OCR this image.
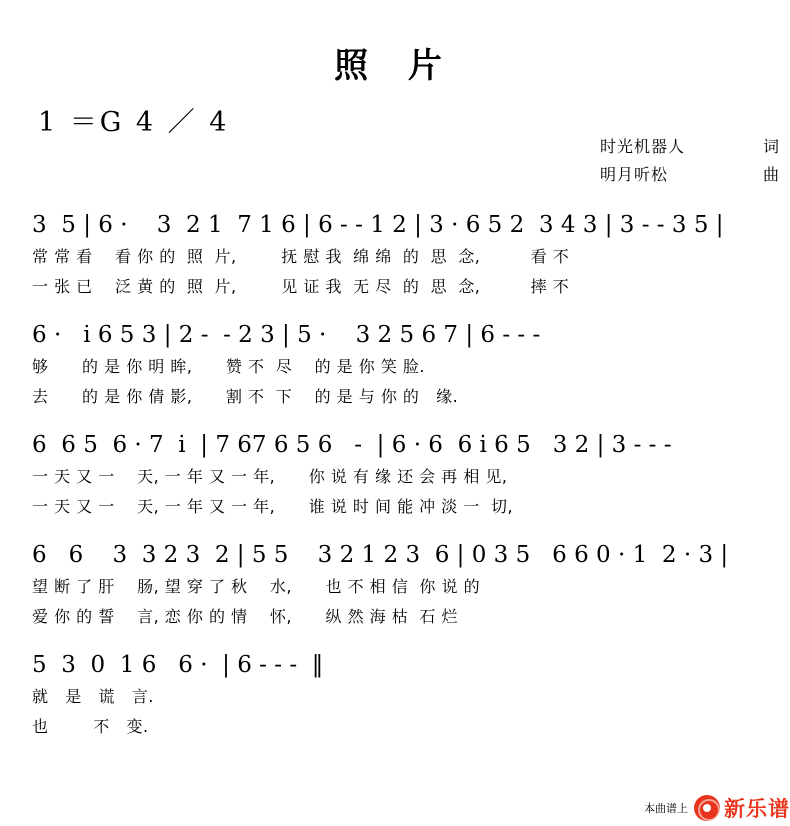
照 片
1 ＝G 4 ／ 4
时光机器人	词
明月听松	曲
3  5 | 6 ·    3  2 1  7 1 6 | 6 - - 1 2 | 3 · 6 5 2  3 4 3 | 3 - - 3 5 |
常 常 看    看 你 的  照  片,        抚 慰 我  绵 绵  的  思  念,         看 不
一 张 已    泛 黄 的  照  片,        见 证 我  无 尽  的  思  念,         摔 不
6 ·   i 6 5 3 | 2 -  - 2 3 | 5 ·    3 2 5 6 7 | 6 - - -
够      的 是 你 明 眸,      赞 不  尽    的 是 你 笑 脸.
去      的 是 你 倩 影,      割 不  下    的 是 与 你 的   缘.
6  6 5  6 · 7  i  | 7 67 6 5 6   -  | 6 · 6  6 i 6 5   3 2 | 3 - - -
一 天 又 一    天, 一 年 又 一 年,      你 说 有 缘 还 会 再 相 见,
一 天 又 一    天, 一 年 又 一 年,      谁 说 时 间 能 冲 淡 一  切,
6   6    3  3 2 3  2 | 5 5    3 2 1 2 3  6 | 0 3 5   6 6 0 · 1  2 · 3 |
望 断 了 肝    肠, 望 穿 了 秋    水,      也 不 相 信  你 说 的
爱 你 的 誓    言, 恋 你 的 情    怀,      纵 然 海 枯  石 烂
5  3  0  1 6   6 ·  | 6 - - -  ‖
就   是   谎   言.
也        不   变.
本曲谱上 新乐谱
